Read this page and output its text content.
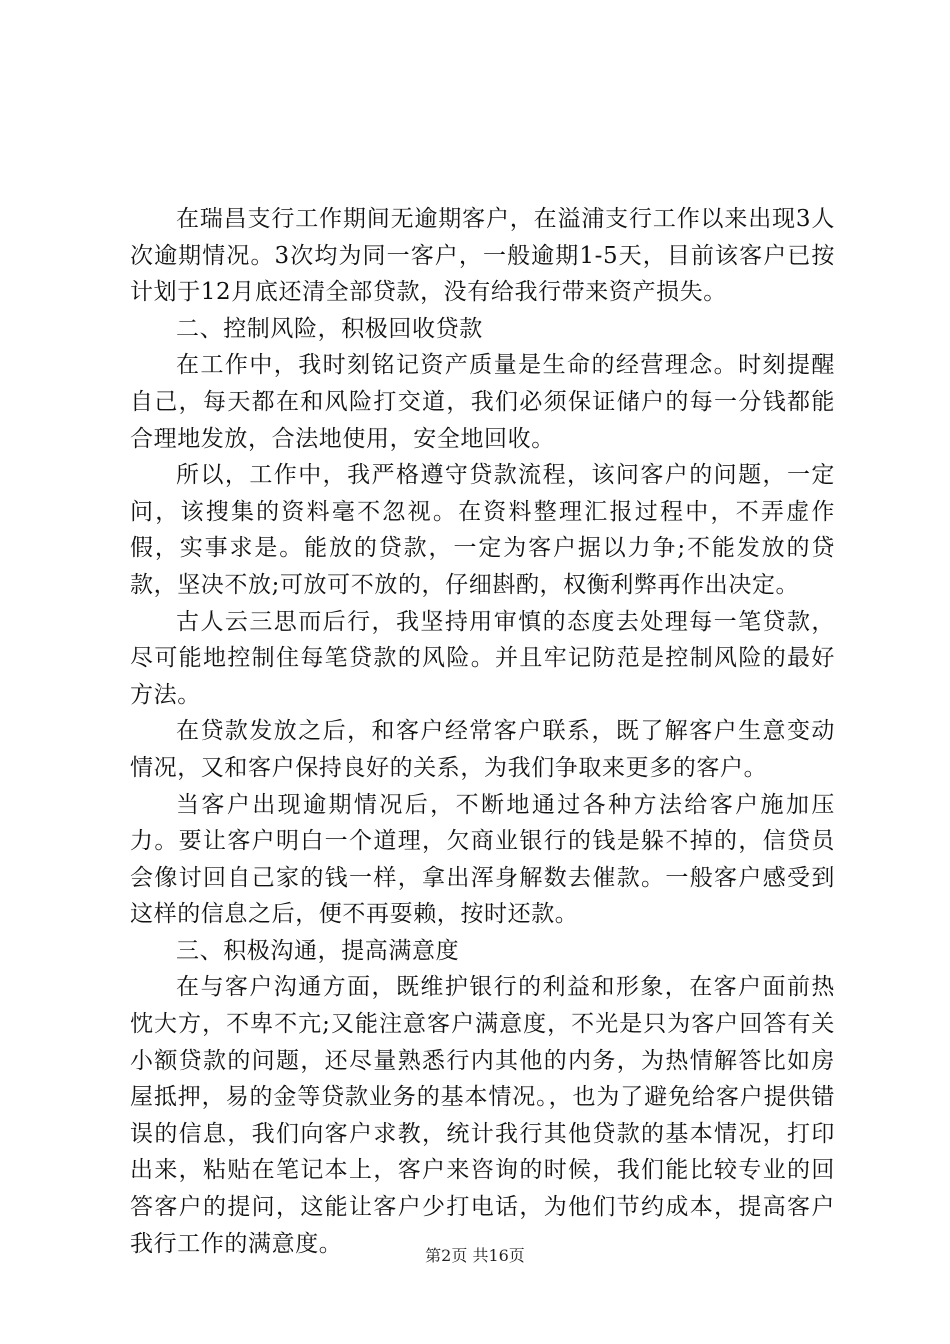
在瑞昌支行工作期间无逾期客户，在溢浦支行工作以来出现3人次逾期情况。3次均为同一客户，一般逾期1-5天，目前该客户已按计划于12月底还清全部贷款，没有给我行带来资产损失。

二、控制风险，积极回收贷款

在工作中，我时刻铭记资产质量是生命的经营理念。时刻提醒自己，每天都在和风险打交道，我们必须保证储户的每一分钱都能合理地发放，合法地使用，安全地回收。

所以，工作中，我严格遵守贷款流程，该问客户的问题，一定问，该搜集的资料毫不忽视。在资料整理汇报过程中，不弄虚作假，实事求是。能放的贷款，一定为客户据以力争;不能发放的贷款，坚决不放;可放可不放的，仔细斟酌，权衡利弊再作出决定。

古人云三思而后行，我坚持用审慎的态度去处理每一笔贷款，尽可能地控制住每笔贷款的风险。并且牢记防范是控制风险的最好方法。

在贷款发放之后，和客户经常客户联系，既了解客户生意变动情况，又和客户保持良好的关系，为我们争取来更多的客户。

当客户出现逾期情况后，不断地通过各种方法给客户施加压力。要让客户明白一个道理，欠商业银行的钱是躲不掉的，信贷员会像讨回自己家的钱一样，拿出浑身解数去催款。一般客户感受到这样的信息之后，便不再耍赖，按时还款。

三、积极沟通，提高满意度

在与客户沟通方面，既维护银行的利益和形象，在客户面前热忱大方，不卑不亢;又能注意客户满意度，不光是只为客户回答有关小额贷款的问题，还尽量熟悉行内其他的内务，为热情解答比如房屋抵押，易的金等贷款业务的基本情况。，也为了避免给客户提供错误的信息，我们向客户求教，统计我行其他贷款的基本情况，打印出来，粘贴在笔记本上，客户来咨询的时候，我们能比较专业的回答客户的提问，这能让客户少打电话，为他们节约成本，提高客户我行工作的满意度。	第2页 共16页
